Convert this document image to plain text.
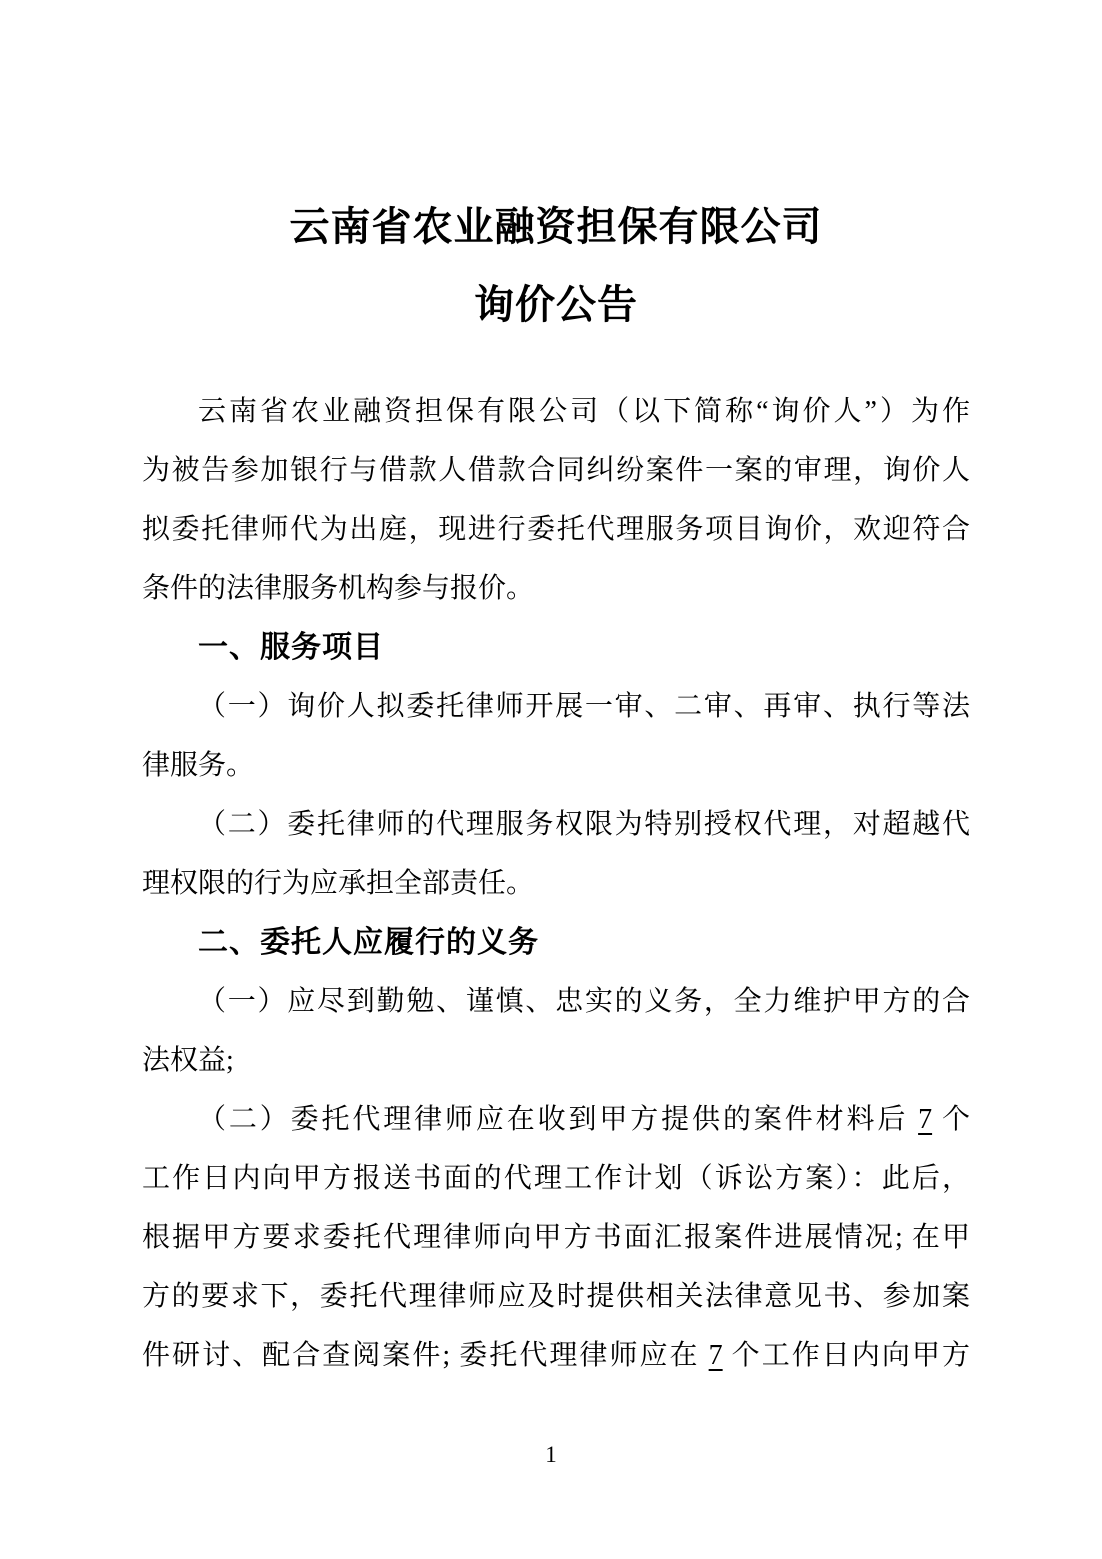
云南省农业融资担保有限公司
询价公告
云南省农业融资担保有限公司（以下简称“询价人”）为作
为被告参加银行与借款人借款合同纠纷案件一案的审理，询价人
拟委托律师代为出庭，现进行委托代理服务项目询价，欢迎符合
条件的法律服务机构参与报价。
一、服务项目
（一）询价人拟委托律师开展一审、二审、再审、执行等法
律服务。
（二）委托律师的代理服务权限为特别授权代理，对超越代
理权限的行为应承担全部责任。
二、委托人应履行的义务
（一）应尽到勤勉、谨慎、忠实的义务，全力维护甲方的合
法权益;
（二）委托代理律师应在收到甲方提供的案件材料后 7 个
工作日内向甲方报送书面的代理工作计划（诉讼方案）：此后，
根据甲方要求委托代理律师向甲方书面汇报案件进展情况; 在甲
方的要求下，委托代理律师应及时提供相关法律意见书、参加案
件研讨、配合查阅案件; 委托代理律师应在 7 个工作日内向甲方
1
